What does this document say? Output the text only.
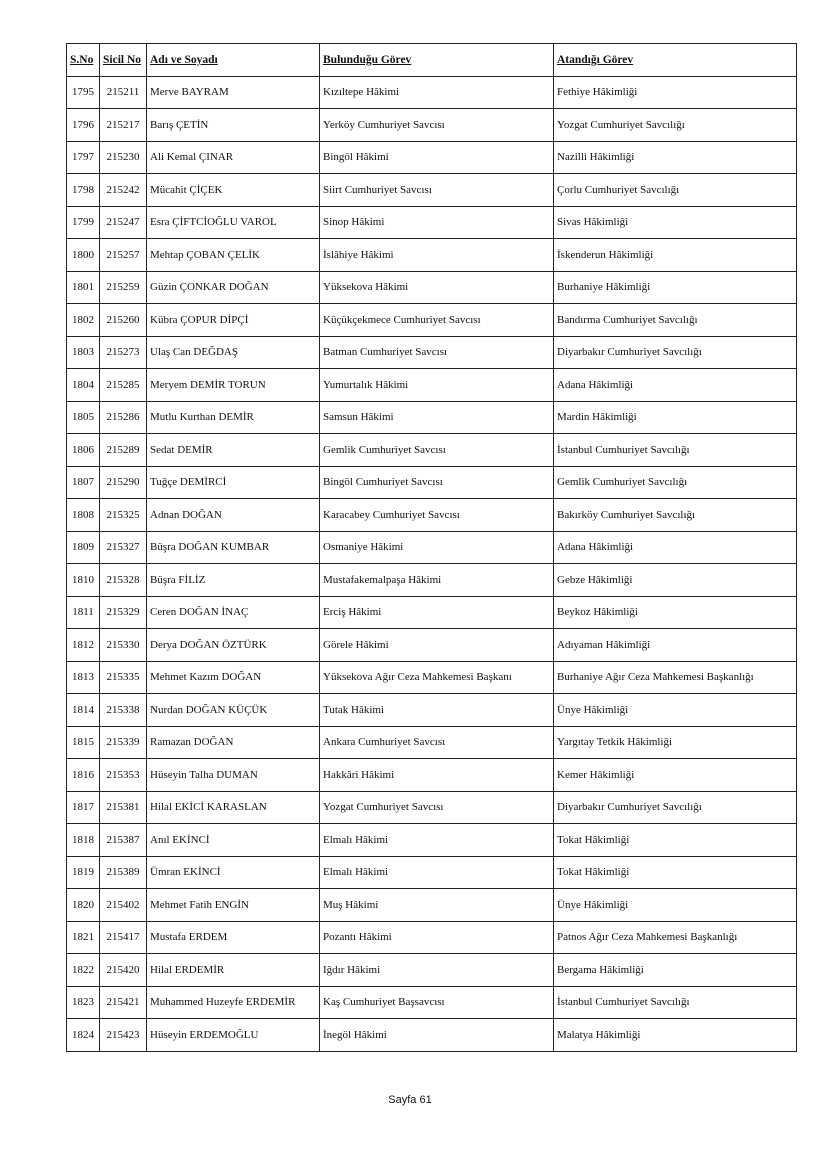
S.No	Sicil No	Adı ve Soyadı	Bulunduğu Görev	Atandığı Görev
1795	215211	Merve BAYRAM	Kızıltepe Hâkimi	Fethiye Hâkimliği
1796	215217	Barış ÇETİN	Yerköy Cumhuriyet Savcısı	Yozgat Cumhuriyet Savcılığı
1797	215230	Ali Kemal ÇINAR	Bingöl Hâkimi	Nazilli Hâkimliği
1798	215242	Mücahit ÇİÇEK	Siirt Cumhuriyet Savcısı	Çorlu Cumhuriyet Savcılığı
1799	215247	Esra ÇİFTCİOĞLU VAROL	Sinop Hâkimi	Sivas Hâkimliği
1800	215257	Mehtap ÇOBAN ÇELİK	İslâhiye Hâkimi	İskenderun Hâkimliği
1801	215259	Güzin ÇONKAR DOĞAN	Yüksekova Hâkimi	Burhaniye Hâkimliği
1802	215260	Kübra ÇOPUR DİPÇİ	Küçükçekmece Cumhuriyet Savcısı	Bandırma Cumhuriyet Savcılığı
1803	215273	Ulaş Can DEĞDAŞ	Batman Cumhuriyet Savcısı	Diyarbakır Cumhuriyet Savcılığı
1804	215285	Meryem DEMİR TORUN	Yumurtalık Hâkimi	Adana Hâkimliği
1805	215286	Mutlu Kurthan DEMİR	Samsun Hâkimi	Mardin Hâkimliği
1806	215289	Sedat DEMİR	Gemlik Cumhuriyet Savcısı	İstanbul Cumhuriyet Savcılığı
1807	215290	Tuğçe DEMİRCİ	Bingöl Cumhuriyet Savcısı	Gemlik Cumhuriyet Savcılığı
1808	215325	Adnan DOĞAN	Karacabey Cumhuriyet Savcısı	Bakırköy Cumhuriyet Savcılığı
1809	215327	Büşra DOĞAN KUMBAR	Osmaniye Hâkimi	Adana Hâkimliği
1810	215328	Büşra FİLİZ	Mustafakemalpaşa Hâkimi	Gebze Hâkimliği
1811	215329	Ceren DOĞAN İNAÇ	Erciş Hâkimi	Beykoz Hâkimliği
1812	215330	Derya DOĞAN ÖZTÜRK	Görele Hâkimi	Adıyaman Hâkimliği
1813	215335	Mehmet Kazım DOĞAN	Yüksekova Ağır Ceza Mahkemesi Başkanı	Burhaniye Ağır Ceza Mahkemesi Başkanlığı
1814	215338	Nurdan DOĞAN KÜÇÜK	Tutak Hâkimi	Ünye Hâkimliği
1815	215339	Ramazan DOĞAN	Ankara Cumhuriyet Savcısı	Yargıtay Tetkik Hâkimliği
1816	215353	Hüseyin Talha DUMAN	Hakkâri Hâkimi	Kemer Hâkimliği
1817	215381	Hilal EKİCİ KARASLAN	Yozgat Cumhuriyet Savcısı	Diyarbakır Cumhuriyet Savcılığı
1818	215387	Anıl EKİNCİ	Elmalı Hâkimi	Tokat Hâkimliği
1819	215389	Ümran EKİNCİ	Elmalı Hâkimi	Tokat Hâkimliği
1820	215402	Mehmet Fatih ENGİN	Muş Hâkimi	Ünye Hâkimliği
1821	215417	Mustafa ERDEM	Pozantı Hâkimi	Patnos Ağır Ceza Mahkemesi Başkanlığı
1822	215420	Hilal ERDEMİR	Iğdır Hâkimi	Bergama Hâkimliği
1823	215421	Muhammed Huzeyfe ERDEMİR	Kaş Cumhuriyet Başsavcısı	İstanbul Cumhuriyet Savcılığı
1824	215423	Hüseyin ERDEMOĞLU	İnegöl Hâkimi	Malatya Hâkimliği
Sayfa 61
